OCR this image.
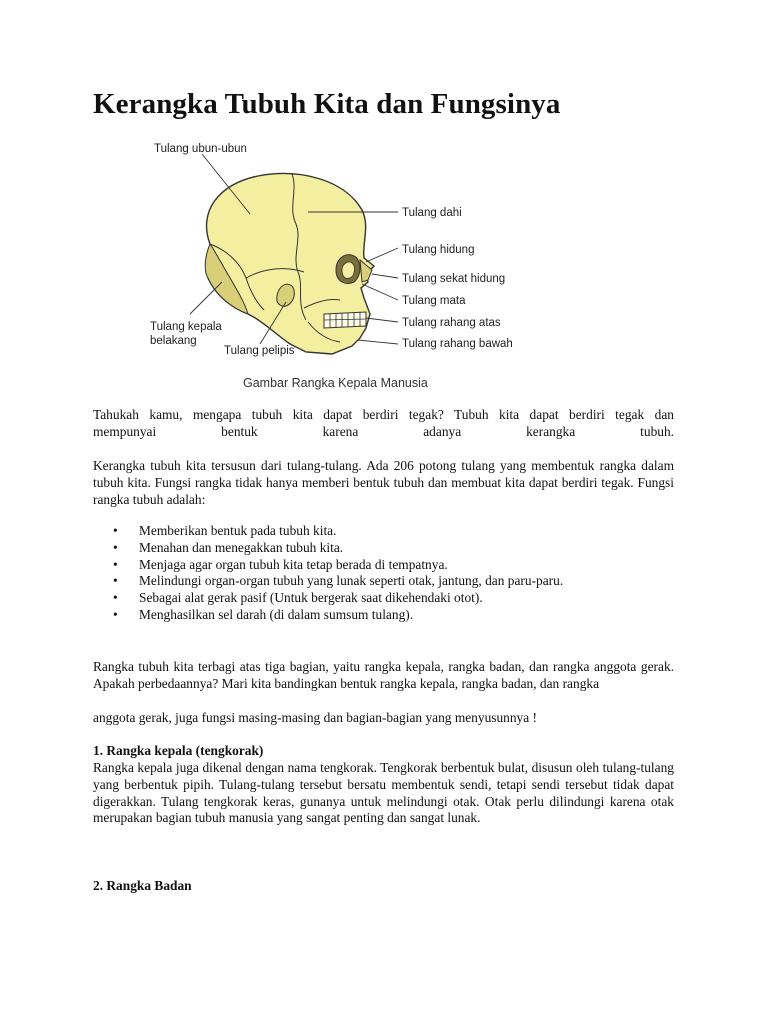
Kerangka Tubuh Kita dan Fungsinya
Tulang ubun-ubun
Tulang dahi
Tulang hidung
Tulang sekat hidung
Tulang mata
Tulang rahang atas
Tulang rahang bawah
Tulang kepala
belakang
Tulang pelipis
Gambar Rangka Kepala Manusia
Tahukah kamu, mengapa tubuh kita dapat berdiri tegak? Tubuh kita dapat berdiri tegak dan
mempunyai bentuk karena adanya kerangka tubuh.
Kerangka tubuh kita tersusun dari tulang-tulang. Ada 206 potong tulang yang membentuk rangka dalam tubuh kita. Fungsi rangka tidak hanya memberi bentuk tubuh dan membuat kita dapat berdiri tegak. Fungsi rangka tubuh adalah:
• Memberikan bentuk pada tubuh kita.
• Menahan dan menegakkan tubuh kita.
• Menjaga agar organ tubuh kita tetap berada di tempatnya.
• Melindungi organ-organ tubuh yang lunak seperti otak, jantung, dan paru-paru.
• Sebagai alat gerak pasif (Untuk bergerak saat dikehendaki otot).
• Menghasilkan sel darah (di dalam sumsum tulang).
Rangka tubuh kita terbagi atas tiga bagian, yaitu rangka kepala, rangka badan, dan rangka anggota gerak. Apakah perbedaannya? Mari kita bandingkan bentuk rangka kepala, rangka badan, dan rangka
anggota gerak, juga fungsi masing-masing dan bagian-bagian yang menyusunnya !
1. Rangka kepala (tengkorak)
Rangka kepala juga dikenal dengan nama tengkorak. Tengkorak berbentuk bulat, disusun oleh tulang-tulang yang berbentuk pipih. Tulang-tulang tersebut bersatu membentuk sendi, tetapi sendi tersebut tidak dapat digerakkan. Tulang tengkorak keras, gunanya untuk melindungi otak. Otak perlu dilindungi karena otak merupakan bagian tubuh manusia yang sangat penting dan sangat lunak.
2. Rangka Badan
